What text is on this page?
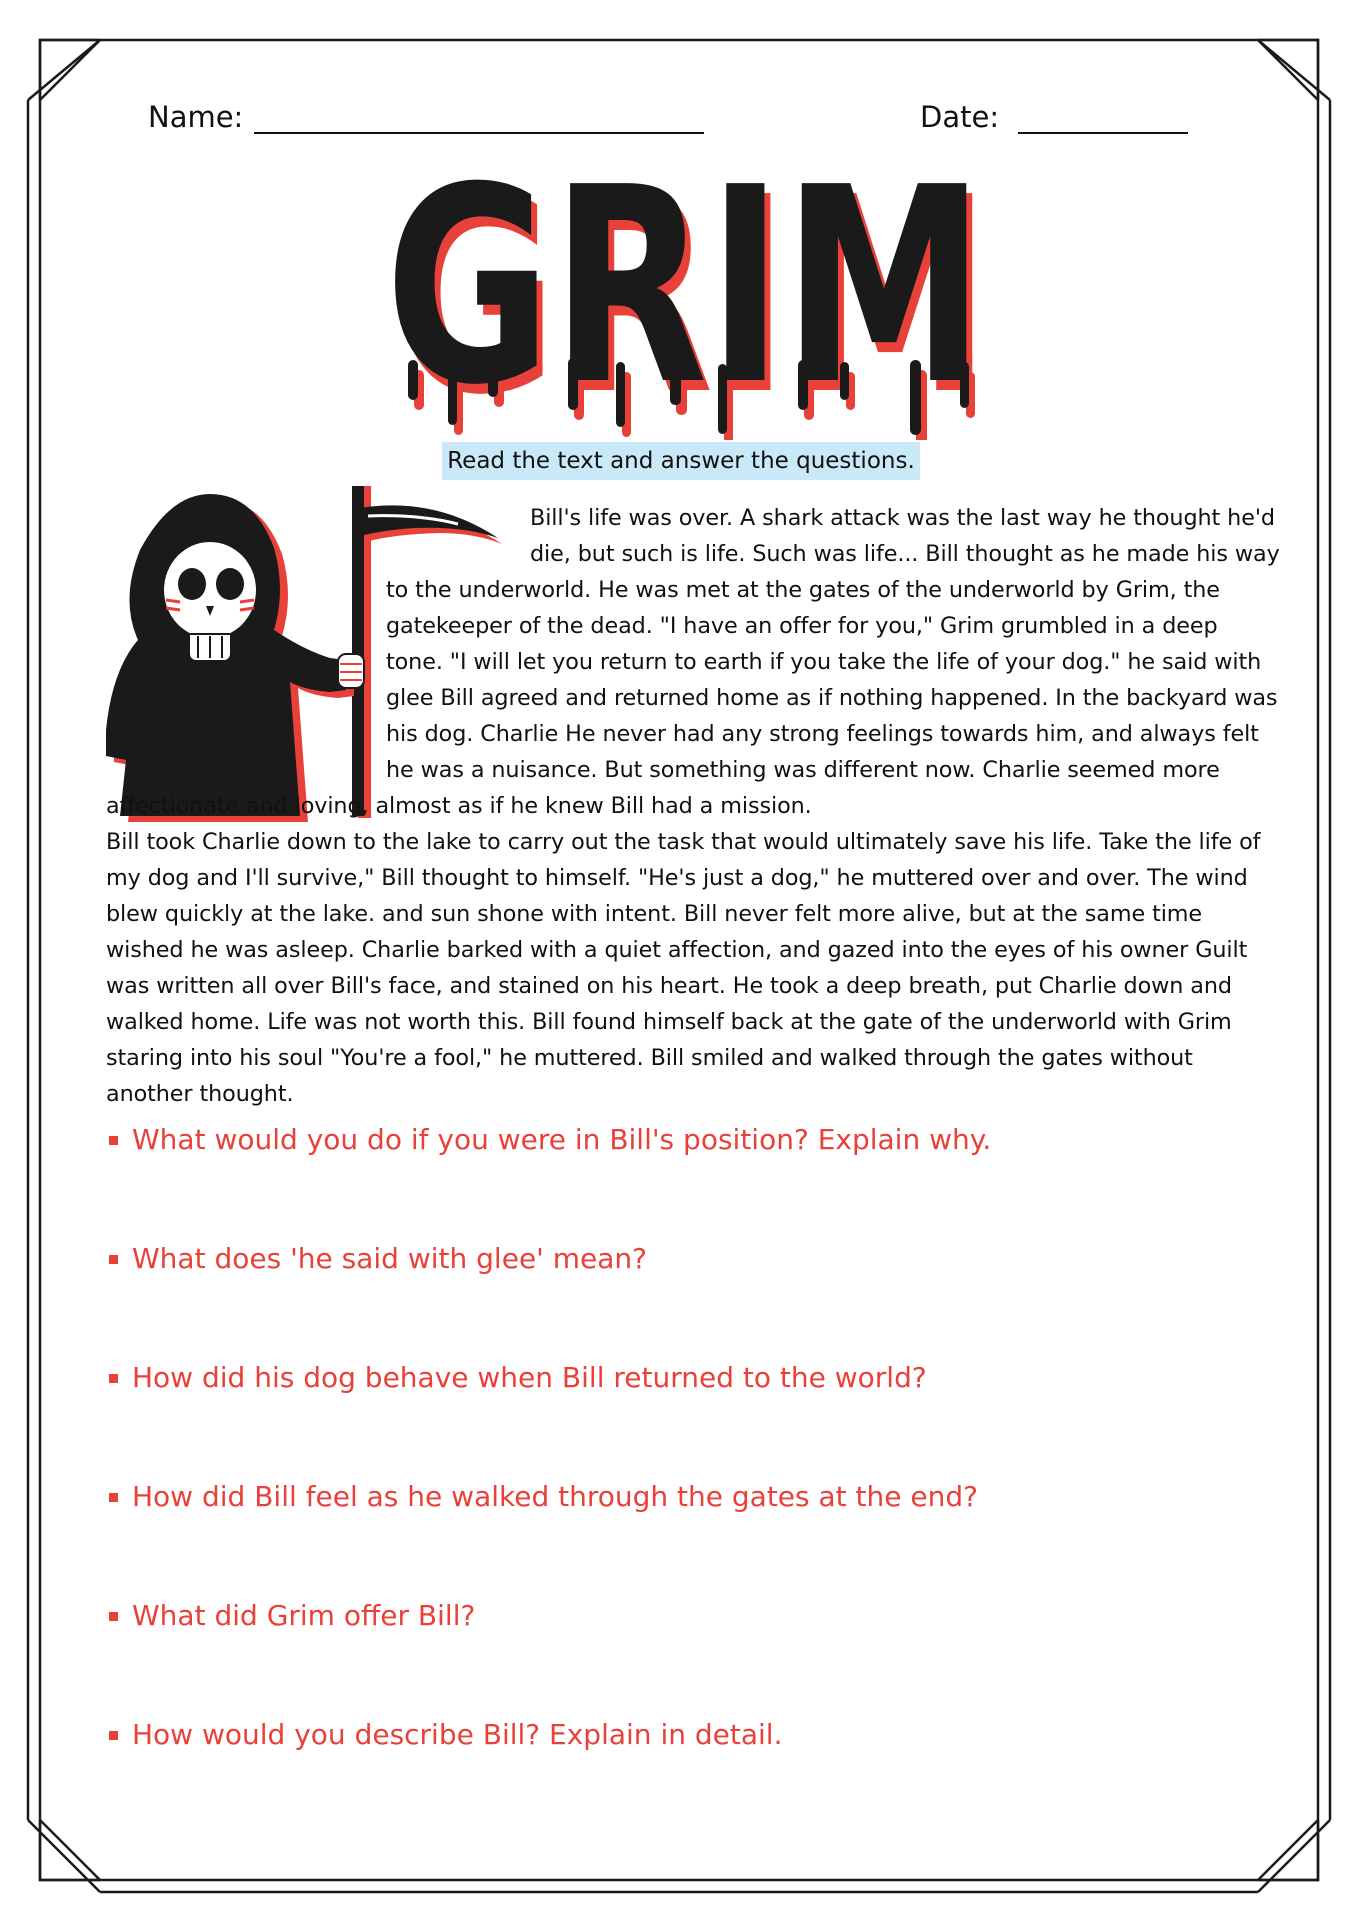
Name:	Date:
GRIM
GRIM
Read the text and answer the questions.

Bill's life was over. A shark attack was the last way he thought he'd die, but such is life. Such was life... Bill thought as he made his way to the underworld. He was met at the gates of the underworld by Grim, the gatekeeper of the dead. "I have an offer for you," Grim grumbled in a deep tone. "I will let you return to earth if you take the life of your dog." he said with glee Bill agreed and returned home as if nothing happened. In the backyard was his dog. Charlie He never had any strong feelings towards him, and always felt he was a nuisance. But something was different now. Charlie seemed more affectionate and loving, almost as if he knew Bill had a mission.

Bill took Charlie down to the lake to carry out the task that would ultimately save his life. Take the life of my dog and I'll survive," Bill thought to himself. "He's just a dog," he muttered over and over. The wind blew quickly at the lake. and sun shone with intent. Bill never felt more alive, but at the same time wished he was asleep. Charlie barked with a quiet affection, and gazed into the eyes of his owner Guilt was written all over Bill's face, and stained on his heart. He took a deep breath, put Charlie down and walked home. Life was not worth this. Bill found himself back at the gate of the underworld with Grim staring into his soul "You're a fool," he muttered. Bill smiled and walked through the gates without another thought.

What would you do if you were in Bill's position? Explain why.
What does 'he said with glee' mean?
How did his dog behave when Bill returned to the world?
How did Bill feel as he walked through the gates at the end?
What did Grim offer Bill?
How would you describe Bill? Explain in detail.
